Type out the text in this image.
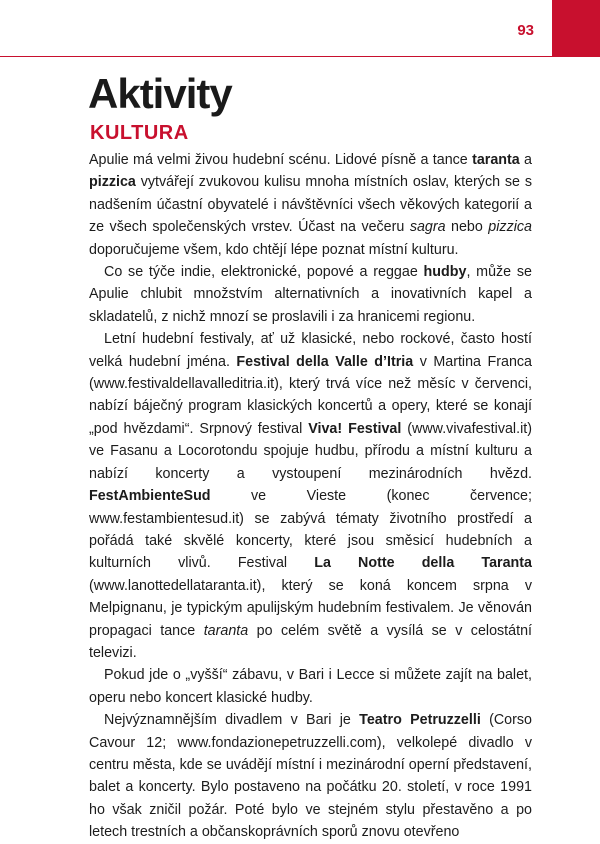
93
Aktivity
KULTURA

Apulie má velmi živou hudební scénu. Lidové písně a tance taranta a pizzica vytvářejí zvukovou kulisu mnoha místních oslav, kterých se s nadšením účastní obyvatelé i návštěvníci všech věkových kategorií a ze všech společenských vrstev. Účast na večeru sagra nebo pizzica doporučujeme všem, kdo chtějí lépe poznat místní kulturu.

Co se týče indie, elektronické, popové a reggae hudby, může se Apulie chlubit množstvím alternativních a inovativních kapel a skladatelů, z nichž mnozí se proslavili i za hranicemi regionu.

Letní hudební festivaly, ať už klasické, nebo rockové, často hostí velká hudební jména. Festival della Valle d’Itria v Martina Franca (www.festivaldellavalleditria.it), který trvá více než měsíc v červenci, nabízí báječný program klasických koncertů a opery, které se konají „pod hvězdami“. Srpnový festival Viva! Festival (www.vivafestival.it) ve Fasanu a Locorotondu spojuje hudbu, přírodu a místní kulturu a nabízí koncerty a vystoupení mezinárodních hvězd. FestAmbienteSud ve Vieste (konec července; www.festambientesud.it) se zabývá tématy životního prostředí a pořádá také skvělé koncerty, které jsou směsicí hudebních a kulturních vlivů. Festival La Notte della Taranta (www.lanottedellataranta.it), který se koná koncem srpna v Melpignanu, je typickým apulijským hudebním festivalem. Je věnován propagaci tance taranta po celém světě a vysílá se v celostátní televizi.

Pokud jde o „vyšší“ zábavu, v Bari i Lecce si můžete zajít na balet, operu nebo koncert klasické hudby.

Nejvýznamnějším divadlem v Bari je Teatro Petruzzelli (Corso Cavour 12; www.fondazionepetruzzelli.com), velkolepé divadlo v centru města, kde se uvádějí místní i mezinárodní operní představení, balet a koncerty. Bylo postaveno na počátku 20. století, v roce 1991 ho však zničil požár. Poté bylo ve stejném stylu přestavěno a po letech trestních a občanskoprávních sporů znovu otevřeno
